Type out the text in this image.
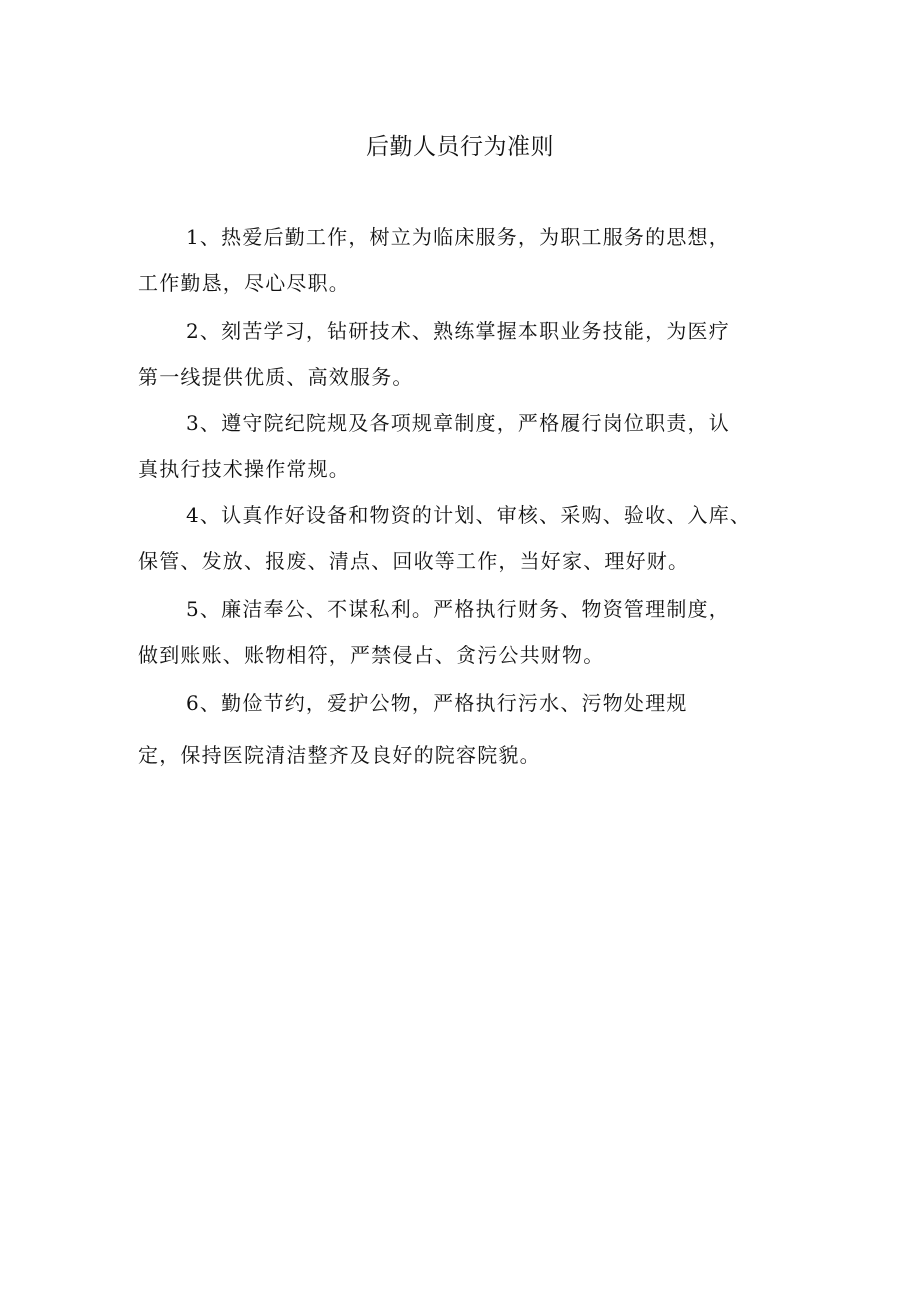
后勤人员行为准则
1、热爱后勤工作，树立为临床服务，为职工服务的思想，
工作勤恳，尽心尽职。
2、刻苦学习，钻研技术、熟练掌握本职业务技能，为医疗
第一线提供优质、高效服务。
3、遵守院纪院规及各项规章制度，严格履行岗位职责，认
真执行技术操作常规。
4、认真作好设备和物资的计划、审核、采购、验收、入库、
保管、发放、报废、清点、回收等工作，当好家、理好财。
5、廉洁奉公、不谋私利。严格执行财务、物资管理制度，
做到账账、账物相符，严禁侵占、贪污公共财物。
6、勤俭节约，爱护公物，严格执行污水、污物处理规
定，保持医院清洁整齐及良好的院容院貌。
